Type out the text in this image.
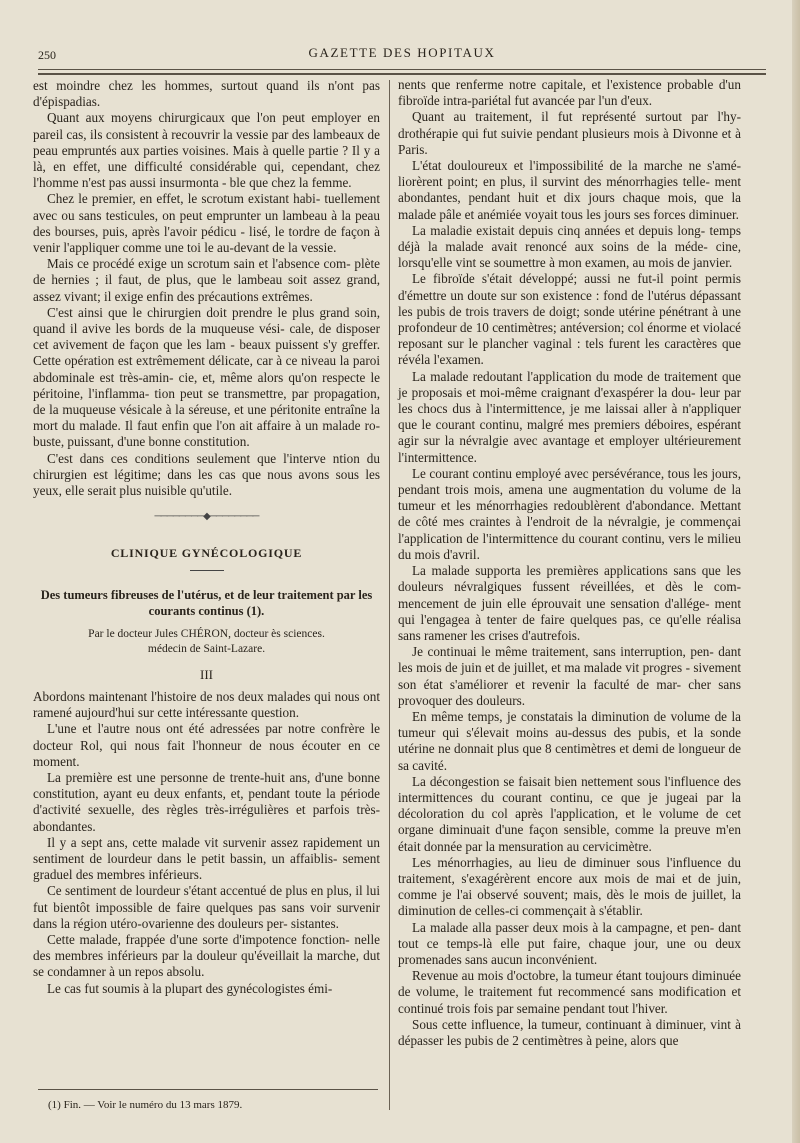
250	GAZETTE DES HOPITAUX

est moindre chez les hommes, surtout quand ils n'ont pas d'épispadias.

Quant aux moyens chirurgicaux que l'on peut employer en pareil cas, ils consistent à recouvrir la vessie par des lambeaux de peau empruntés aux parties voisines. Mais à quelle partie ? Il y a là, en effet, une difficulté considérable qui, cependant, chez l'homme n'est pas aussi insurmonta - ble que chez la femme.

Chez le premier, en effet, le scrotum existant habi- tuellement avec ou sans testicules, on peut emprunter un lambeau à la peau des bourses, puis, après l'avoir pédicu - lisé, le tordre de façon à venir l'appliquer comme une toi le au-devant de la vessie.

Mais ce procédé exige un scrotum sain et l'absence com- plète de hernies ; il faut, de plus, que le lambeau soit assez grand, assez vivant; il exige enfin des précautions extrêmes.

C'est ainsi que le chirurgien doit prendre le plus grand soin, quand il avive les bords de la muqueuse vési- cale, de disposer cet avivement de façon que les lam - beaux puissent s'y greffer. Cette opération est extrêmement délicate, car à ce niveau la paroi abdominale est très-amin- cie, et, même alors qu'on respecte le péritoine, l'inflamma- tion peut se transmettre, par propagation, de la muqueuse vésicale à la séreuse, et une péritonite entraîne la mort du malade. Il faut enfin que l'on ait affaire à un malade ro- buste, puissant, d'une bonne constitution.

C'est dans ces conditions seulement que l'interve ntion du chirurgien est légitime; dans les cas que nous avons sous les yeux, elle serait plus nuisible qu'utile.

────────◆────────
CLINIQUE GYNÉCOLOGIQUE
Des tumeurs fibreuses de l'utérus, et de leur traitement par les courants continus (1).
Par le docteur Jules CHÉRON, docteur ès sciences.
médecin de Saint-Lazare.
III

Abordons maintenant l'histoire de nos deux malades qui nous ont ramené aujourd'hui sur cette intéressante question.

L'une et l'autre nous ont été adressées par notre confrère le docteur Rol, qui nous fait l'honneur de nous écouter en ce moment.

La première est une personne de trente-huit ans, d'une bonne constitution, ayant eu deux enfants, et, pendant toute la période d'activité sexuelle, des règles très-irrégulières et parfois très-abondantes.

Il y a sept ans, cette malade vit survenir assez rapidement un sentiment de lourdeur dans le petit bassin, un affaiblis- sement graduel des membres inférieurs.

Ce sentiment de lourdeur s'étant accentué de plus en plus, il lui fut bientôt impossible de faire quelques pas sans voir survenir dans la région utéro-ovarienne des douleurs per- sistantes.

Cette malade, frappée d'une sorte d'impotence fonction- nelle des membres inférieurs par la douleur qu'éveillait la marche, dut se condamner à un repos absolu.

Le cas fut soumis à la plupart des gynécologistes émi-

(1) Fin. — Voir le numéro du 13 mars 1879.

nents que renferme notre capitale, et l'existence probable d'un fibroïde intra-pariétal fut avancée par l'un d'eux.

Quant au traitement, il fut représenté surtout par l'hy- drothérapie qui fut suivie pendant plusieurs mois à Divonne et à Paris.

L'état douloureux et l'impossibilité de la marche ne s'amé- liorèrent point; en plus, il survint des ménorrhagies telle- ment abondantes, pendant huit et dix jours chaque mois, que la malade pâle et anémiée voyait tous les jours ses forces diminuer.

La maladie existait depuis cinq années et depuis long- temps déjà la malade avait renoncé aux soins de la méde- cine, lorsqu'elle vint se soumettre à mon examen, au mois de janvier.

Le fibroïde s'était développé; aussi ne fut-il point permis d'émettre un doute sur son existence : fond de l'utérus dépassant les pubis de trois travers de doigt; sonde utérine pénétrant à une profondeur de 10 centimètres; antéversion; col énorme et violacé reposant sur le plancher vaginal : tels furent les caractères que révéla l'examen.

La malade redoutant l'application du mode de traitement que je proposais et moi-même craignant d'exaspérer la dou- leur par les chocs dus à l'intermittence, je me laissai aller à n'appliquer que le courant continu, malgré mes premiers déboires, espérant agir sur la névralgie avec avantage et employer ultérieurement l'intermittence.

Le courant continu employé avec persévérance, tous les jours, pendant trois mois, amena une augmentation du volume de la tumeur et les ménorrhagies redoublèrent d'abondance. Mettant de côté mes craintes à l'endroit de la névralgie, je commençai l'application de l'intermittence du courant continu, vers le milieu du mois d'avril.

La malade supporta les premières applications sans que les douleurs névralgiques fussent réveillées, et dès le com- mencement de juin elle éprouvait une sensation d'allége- ment qui l'engagea à tenter de faire quelques pas, ce qu'elle réalisa sans ramener les crises d'autrefois.

Je continuai le même traitement, sans interruption, pen- dant les mois de juin et de juillet, et ma malade vit progres - sivement son état s'améliorer et revenir la faculté de mar- cher sans provoquer des douleurs.

En même temps, je constatais la diminution de volume de la tumeur qui s'élevait moins au-dessus des pubis, et la sonde utérine ne donnait plus que 8 centimètres et demi de longueur de sa cavité.

La décongestion se faisait bien nettement sous l'influence des intermittences du courant continu, ce que je jugeai par la décoloration du col après l'application, et le volume de cet organe diminuait d'une façon sensible, comme la preuve m'en était donnée par la mensuration au cervicimètre.

Les ménorrhagies, au lieu de diminuer sous l'influence du traitement, s'exagérèrent encore aux mois de mai et de juin, comme je l'ai observé souvent; mais, dès le mois de juillet, la diminution de celles-ci commençait à s'établir.

La malade alla passer deux mois à la campagne, et pen- dant tout ce temps-là elle put faire, chaque jour, une ou deux promenades sans aucun inconvénient.

Revenue au mois d'octobre, la tumeur étant toujours diminuée de volume, le traitement fut recommencé sans modification et continué trois fois par semaine pendant tout l'hiver.

Sous cette influence, la tumeur, continuant à diminuer, vint à dépasser les pubis de 2 centimètres à peine, alors que
